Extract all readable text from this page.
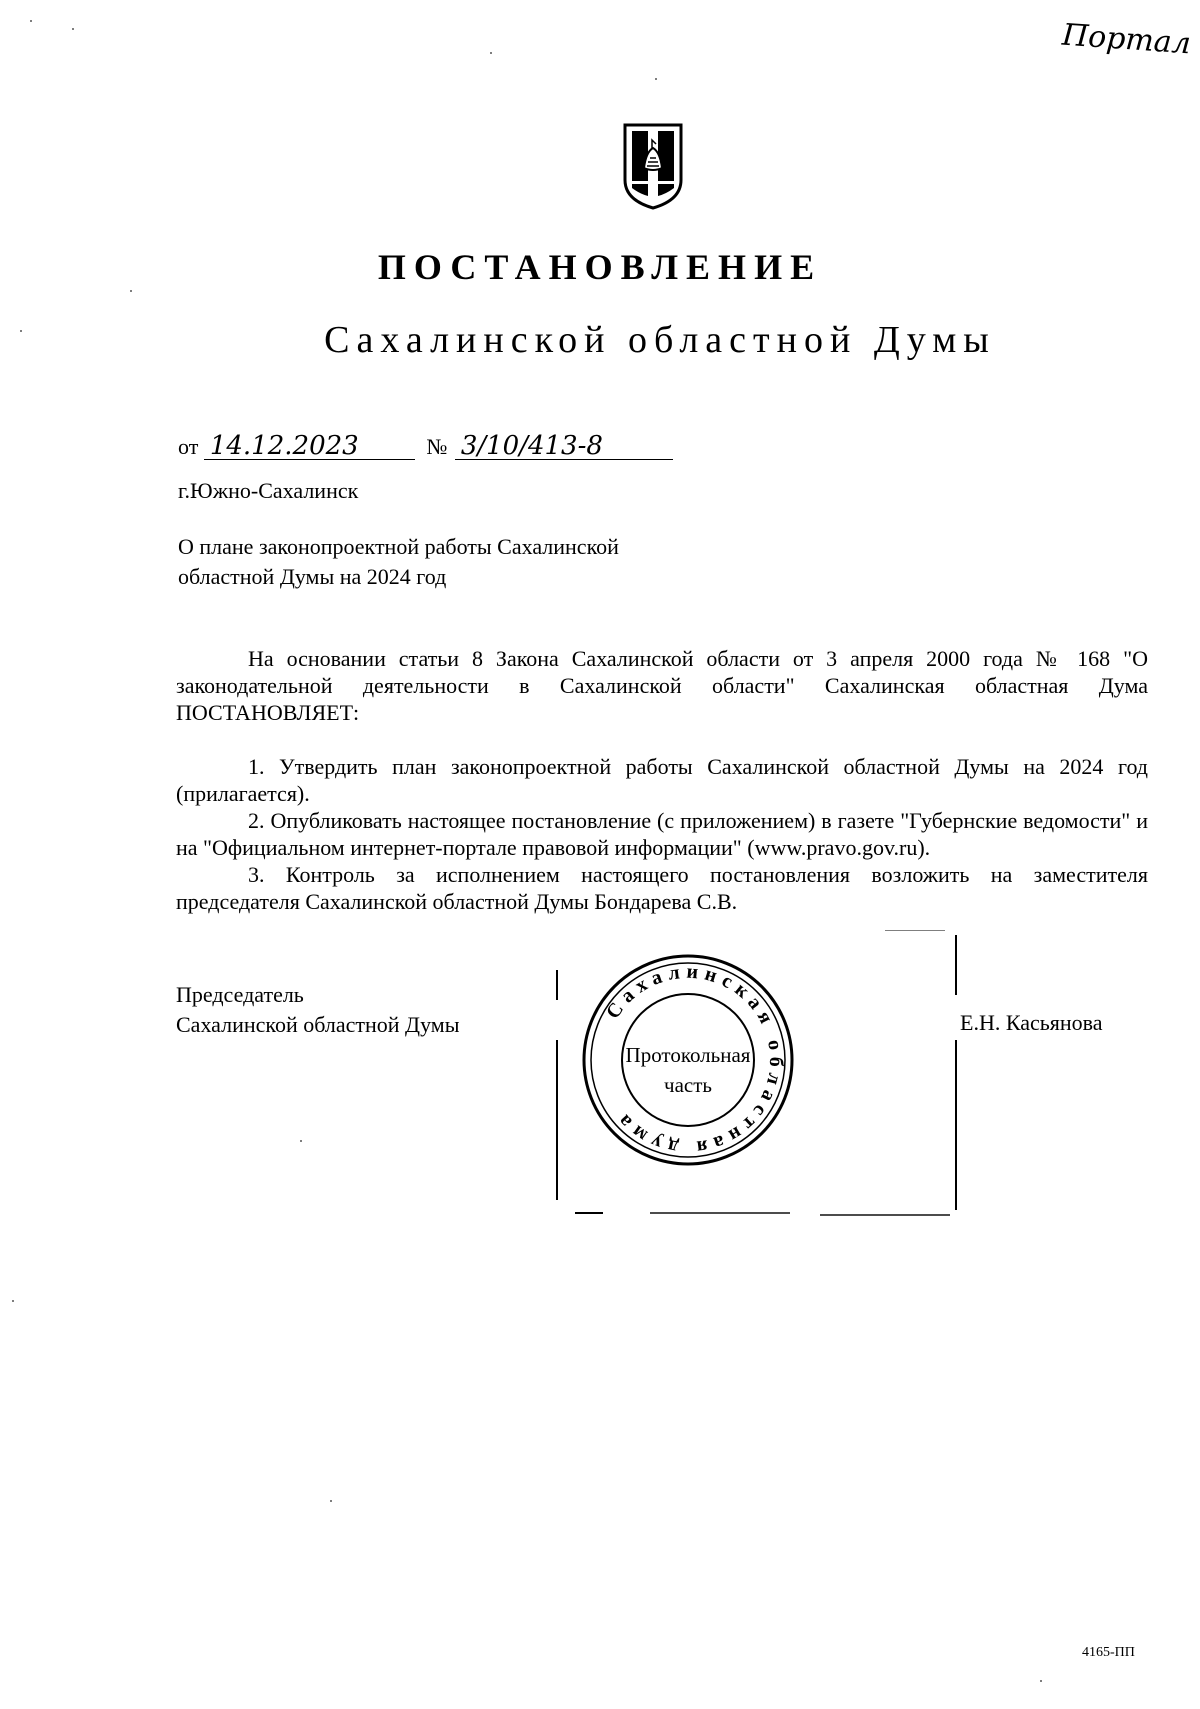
Портал
ПОСТАНОВЛЕНИЕ
Сахалинской областной Думы
от 14.12.2023	№ 3/10/413-8
г.Южно-Сахалинск
О плане законопроектной работы Сахалинской
областной Думы на 2024 год

На основании статьи 8 Закона Сахалинской области от 3 апреля 2000 года № 168 "О законодательной деятельности в Сахалинской области" Сахалинская областная Дума ПОСТАНОВЛЯЕТ:

1. Утвердить план законопроектной работы Сахалинской областной Думы на 2024 год (прилагается).

2. Опубликовать настоящее постановление (с приложением) в газете "Губернские ведомости" и на "Официальном интернет-портале правовой информации" (www.pravo.gov.ru).

3. Контроль за исполнением настоящего постановления возложить на заместителя председателя Сахалинской областной Думы Бондарева С.В.

Председатель
Сахалинской областной Думы	Е.Н. Касьянова
Сахалинская областная дума
Протокольная
часть
4165-ПП
